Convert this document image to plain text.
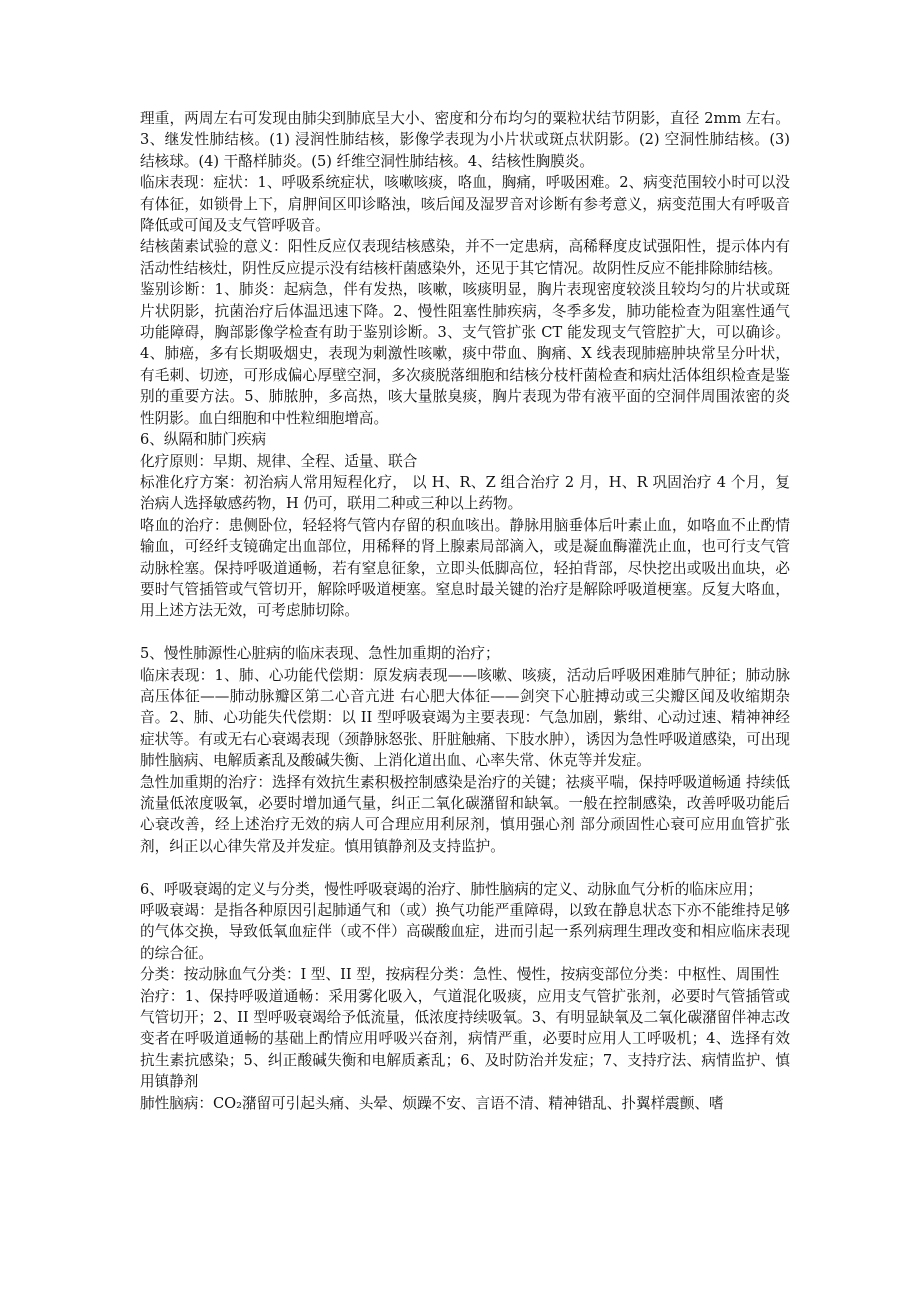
理重，两周左右可发现由肺尖到肺底呈大小、密度和分布均匀的粟粒状结节阴影，直径 2mm 左右。3、继发性肺结核。(1) 浸润性肺结核，影像学表现为小片状或斑点状阴影。(2) 空洞性肺结核。(3) 结核球。(4) 干酪样肺炎。(5) 纤维空洞性肺结核。4、结核性胸膜炎。

临床表现：症状：1、呼吸系统症状，咳嗽咳痰，咯血，胸痛，呼吸困难。2、病变范围较小时可以没有体征，如锁骨上下，肩胛间区叩诊略浊，咳后闻及湿罗音对诊断有参考意义，病变范围大有呼吸音降低或可闻及支气管呼吸音。

结核菌素试验的意义：阳性反应仅表现结核感染，并不一定患病，高稀释度皮试强阳性，提示体内有活动性结核灶，阴性反应提示没有结核杆菌感染外，还见于其它情况。故阴性反应不能排除肺结核。

鉴别诊断：1、肺炎：起病急，伴有发热，咳嗽，咳痰明显，胸片表现密度较淡且较均匀的片状或斑片状阴影，抗菌治疗后体温迅速下降。2、慢性阻塞性肺疾病，冬季多发，肺功能检查为阻塞性通气功能障碍，胸部影像学检查有助于鉴别诊断。3、支气管扩张 CT 能发现支气管腔扩大，可以确诊。4、肺癌，多有长期吸烟史，表现为刺激性咳嗽，痰中带血、胸痛、X 线表现肺癌肿块常呈分叶状，有毛刺、切迹，可形成偏心厚壁空洞，多次痰脱落细胞和结核分枝杆菌检查和病灶活体组织检查是鉴别的重要方法。5、肺脓肿，多高热，咳大量脓臭痰，胸片表现为带有液平面的空洞伴周围浓密的炎性阴影。血白细胞和中性粒细胞增高。

6、纵隔和肺门疾病

化疗原则：早期、规律、全程、适量、联合

标准化疗方案：初治病人常用短程化疗， 以 H、R、Z 组合治疗 2 月，H、R 巩固治疗 4 个月，复治病人选择敏感药物，H 仍可，联用二种或三种以上药物。

咯血的治疗：患侧卧位，轻轻将气管内存留的积血咳出。静脉用脑垂体后叶素止血，如咯血不止酌情输血，可经纤支镜确定出血部位，用稀释的肾上腺素局部滴入，或是凝血酶灌洗止血，也可行支气管动脉栓塞。保持呼吸道通畅，若有窒息征象，立即头低脚高位，轻拍背部，尽快挖出或吸出血块，必要时气管插管或气管切开，解除呼吸道梗塞。窒息时最关键的治疗是解除呼吸道梗塞。反复大咯血，用上述方法无效，可考虑肺切除。

5、慢性肺源性心脏病的临床表现、急性加重期的治疗；

临床表现：1、肺、心功能代偿期：原发病表现——咳嗽、咳痰，活动后呼吸困难肺气肿征；肺动脉高压体征——肺动脉瓣区第二心音亢进 右心肥大体征——剑突下心脏搏动或三尖瓣区闻及收缩期杂音。2、肺、心功能失代偿期：以 II 型呼吸衰竭为主要表现：气急加剧，紫绀、心动过速、精神神经症状等。有或无右心衰竭表现（颈静脉怒张、肝脏触痛、下肢水肿），诱因为急性呼吸道感染，可出现肺性脑病、电解质紊乱及酸碱失衡、上消化道出血、心率失常、休克等并发症。

急性加重期的治疗：选择有效抗生素积极控制感染是治疗的关键；祛痰平喘，保持呼吸道畅通 持续低流量低浓度吸氧，必要时增加通气量，纠正二氧化碳潴留和缺氧。一般在控制感染，改善呼吸功能后心衰改善，经上述治疗无效的病人可合理应用利尿剂，慎用强心剂 部分顽固性心衰可应用血管扩张剂，纠正以心律失常及并发症。慎用镇静剂及支持监护。

6、呼吸衰竭的定义与分类，慢性呼吸衰竭的治疗、肺性脑病的定义、动脉血气分析的临床应用；

呼吸衰竭：是指各种原因引起肺通气和（或）换气功能严重障碍，以致在静息状态下亦不能维持足够的气体交换，导致低氧血症伴（或不伴）高碳酸血症，进而引起一系列病理生理改变和相应临床表现的综合征。

分类：按动脉血气分类：I 型、II 型，按病程分类：急性、慢性，按病变部位分类：中枢性、周围性

治疗：1、保持呼吸道通畅：采用雾化吸入，气道混化吸痰，应用支气管扩张剂，必要时气管插管或气管切开；2、II 型呼吸衰竭给予低流量，低浓度持续吸氧。3、有明显缺氧及二氧化碳潴留伴神志改变者在呼吸道通畅的基础上酌情应用呼吸兴奋剂，病情严重，必要时应用人工呼吸机；4、选择有效抗生素抗感染；5、纠正酸碱失衡和电解质紊乱；6、及时防治并发症；7、支持疗法、病情监护、慎用镇静剂

肺性脑病：CO₂潴留可引起头痛、头晕、烦躁不安、言语不清、精神错乱、扑翼样震颤、嗜
